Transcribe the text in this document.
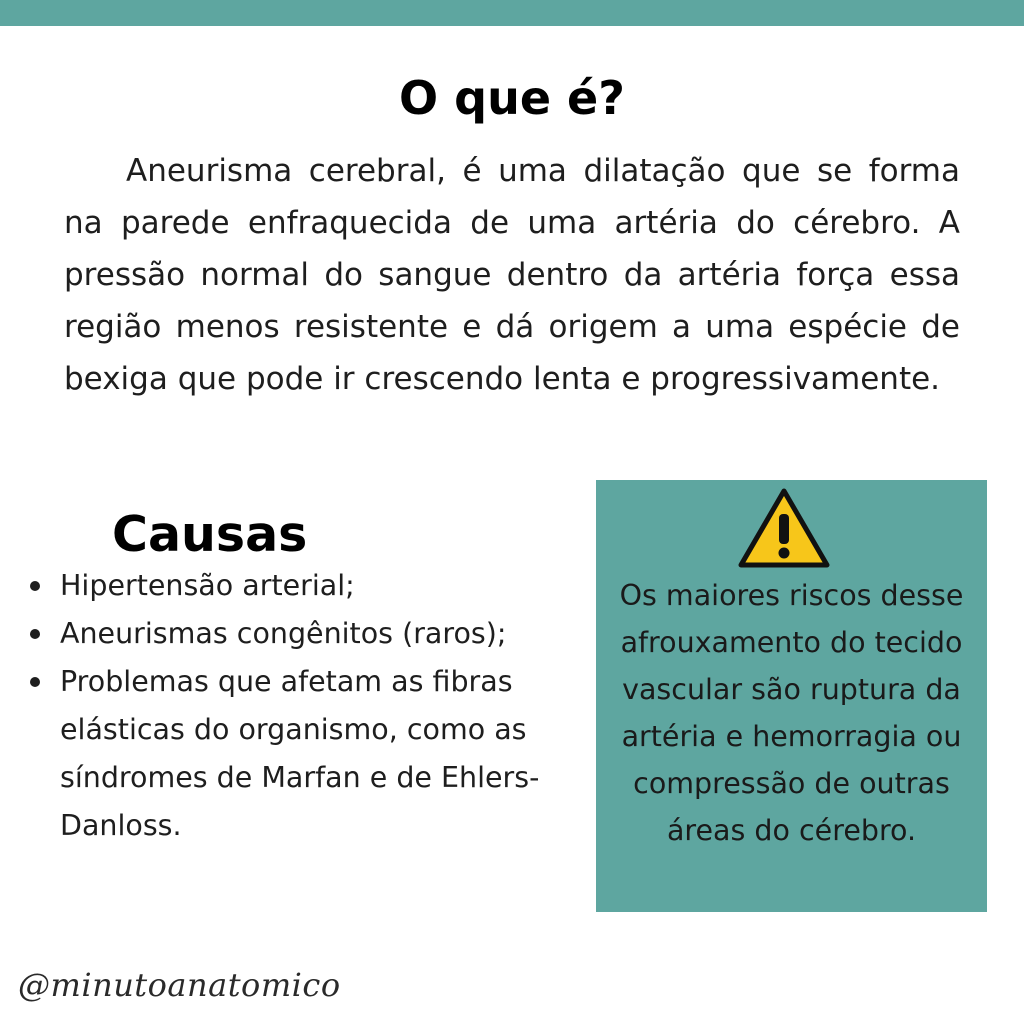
O que é?

Aneurisma cerebral, é uma dilatação que se forma na parede enfraquecida de uma artéria do cérebro. A pressão normal do sangue dentro da artéria força essa região menos resistente e dá origem a uma espécie de bexiga que pode ir crescendo lenta e progressivamente.

Causas
Hipertensão arterial;
Aneurismas congênitos (raros);
Problemas que afetam as fibras elásticas do organismo, como as síndromes de Marfan e de Ehlers-Danloss.

Os maiores riscos desse afrouxamento do tecido vascular são ruptura da artéria e hemorragia ou compressão de outras áreas do cérebro.

@minutoanatomico
